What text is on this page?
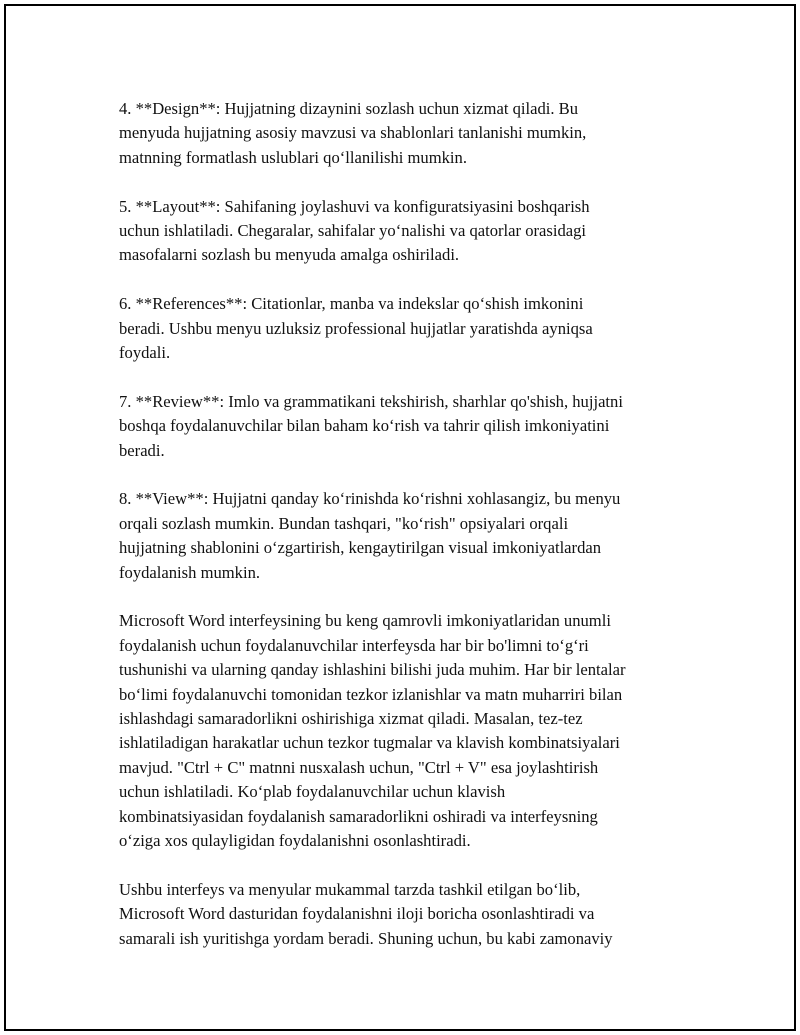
4. **Design**: Hujjatning dizaynini sozlash uchun xizmat qiladi. Bu
menyuda hujjatning asosiy mavzusi va shablonlari tanlanishi mumkin,
matnning formatlash uslublari qo‘llanilishi mumkin.

5. **Layout**: Sahifaning joylashuvi va konfiguratsiyasini boshqarish
uchun ishlatiladi. Chegaralar, sahifalar yo‘nalishi va qatorlar orasidagi
masofalarni sozlash bu menyuda amalga oshiriladi.

6. **References**: Citationlar, manba va indekslar qo‘shish imkonini
beradi. Ushbu menyu uzluksiz professional hujjatlar yaratishda ayniqsa
foydali.

7. **Review**: Imlo va grammatikani tekshirish, sharhlar qo'shish, hujjatni
boshqa foydalanuvchilar bilan baham ko‘rish va tahrir qilish imkoniyatini
beradi.

8. **View**: Hujjatni qanday ko‘rinishda ko‘rishni xohlasangiz, bu menyu
orqali sozlash mumkin. Bundan tashqari, "ko‘rish" opsiyalari orqali
hujjatning shablonini o‘zgartirish, kengaytirilgan visual imkoniyatlardan
foydalanish mumkin.

Microsoft Word interfeysining bu keng qamrovli imkoniyatlaridan unumli
foydalanish uchun foydalanuvchilar interfeysda har bir bo'limni to‘g‘ri
tushunishi va ularning qanday ishlashini bilishi juda muhim. Har bir lentalar
bo‘limi foydalanuvchi tomonidan tezkor izlanishlar va matn muharriri bilan
ishlashdagi samaradorlikni oshirishiga xizmat qiladi. Masalan, tez-tez
ishlatiladigan harakatlar uchun tezkor tugmalar va klavish kombinatsiyalari
mavjud. "Ctrl + C" matnni nusxalash uchun, "Ctrl + V" esa joylashtirish
uchun ishlatiladi. Ko‘plab foydalanuvchilar uchun klavish
kombinatsiyasidan foydalanish samaradorlikni oshiradi va interfeysning
o‘ziga xos qulayligidan foydalanishni osonlashtiradi.

Ushbu interfeys va menyular mukammal tarzda tashkil etilgan bo‘lib,
Microsoft Word dasturidan foydalanishni iloji boricha osonlashtiradi va
samarali ish yuritishga yordam beradi. Shuning uchun, bu kabi zamonaviy
